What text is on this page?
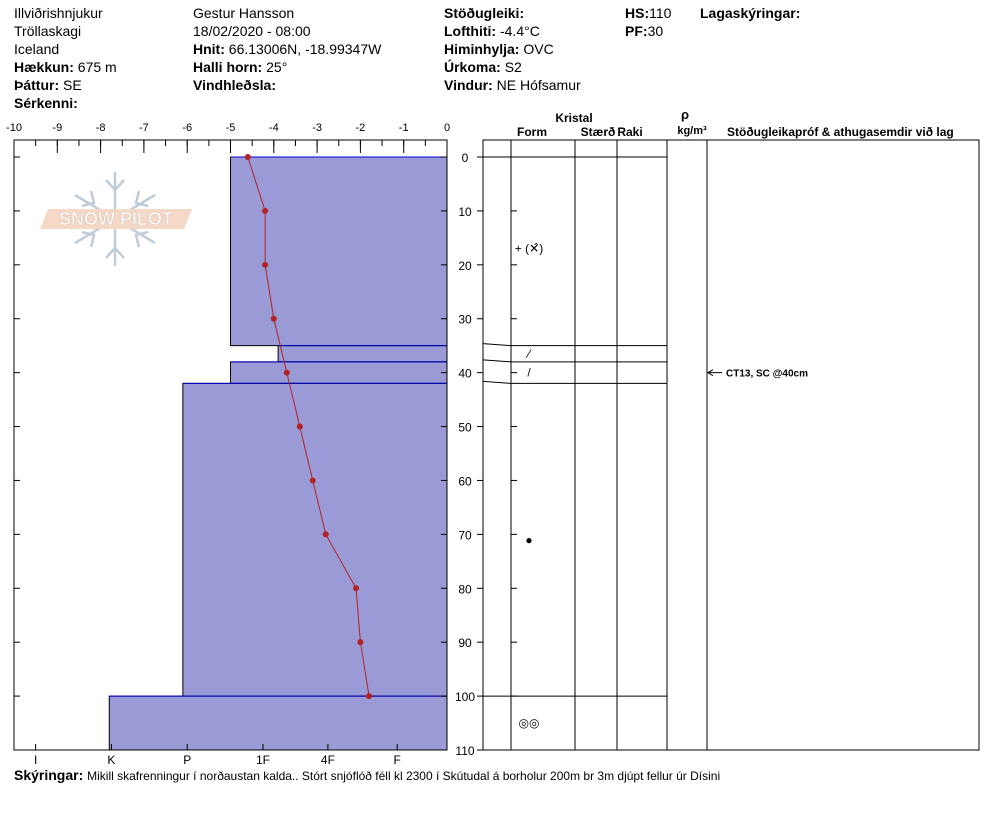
Illviðrishnjukur
Tröllaskagi
Iceland
Hækkun: 675 m
Þáttur: SE
Sérkenni:
Gestur Hansson
18/02/2020 - 08:00
Hnit: 66.13006N, -18.99347W
Halli horn: 25°
Vindhleðsla:
Stöðugleiki:
Lofthiti: -4.4°C
Himinhylja: OVC
Úrkoma: S2
Vindur: NE Hófsamur
HS:110
PF:30
Lagaskýringar:
SNOW PILOT
-10	-9	-8	-7	-6	-5	-4	-3	-2	-1	0
0
10
20
30
40
50
60
70
80
90
100
110
I	K	P	1F	4F	F
Kristal
Form	Stærð Raki
ρ
kg/m³ Stöðugleikapróf & athugasemdir við lag
+ (✕̂)
⁄
/
●
◎◎
CT13, SC @40cm
Skýringar: Mikill skafrenningur í norðaustan kalda.. Stórt snjóflóð féll kl 2300 í Skútudal á borholur 200m br 3m djúpt fellur úr Dísini
